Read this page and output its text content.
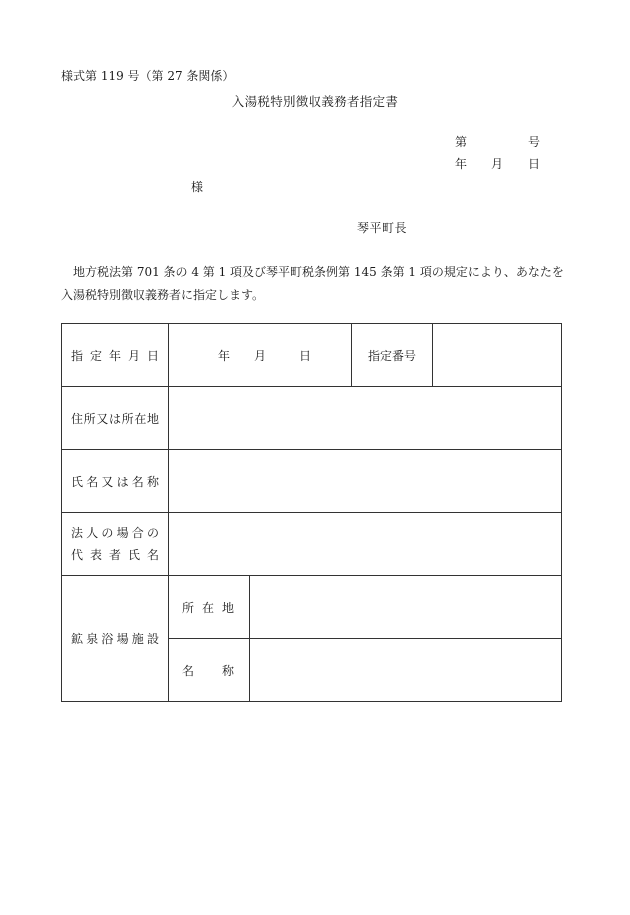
様式第 119 号（第 27 条関係）
入湯税特別徴収義務者指定書
第	号
年 月 日
様
琴平町長
地方税法第 701 条の 4 第 1 項及び琴平町税条例第 145 条第 1 項の規定により、あなたを入湯税特別徴収義務者に指定します。
指定年月日	年 月 日		指定番号	
住所又は所在地				
氏名又は名称				

法人の場合の
代表者氏名				

鉱泉浴場施設	所在地			

	名称			
